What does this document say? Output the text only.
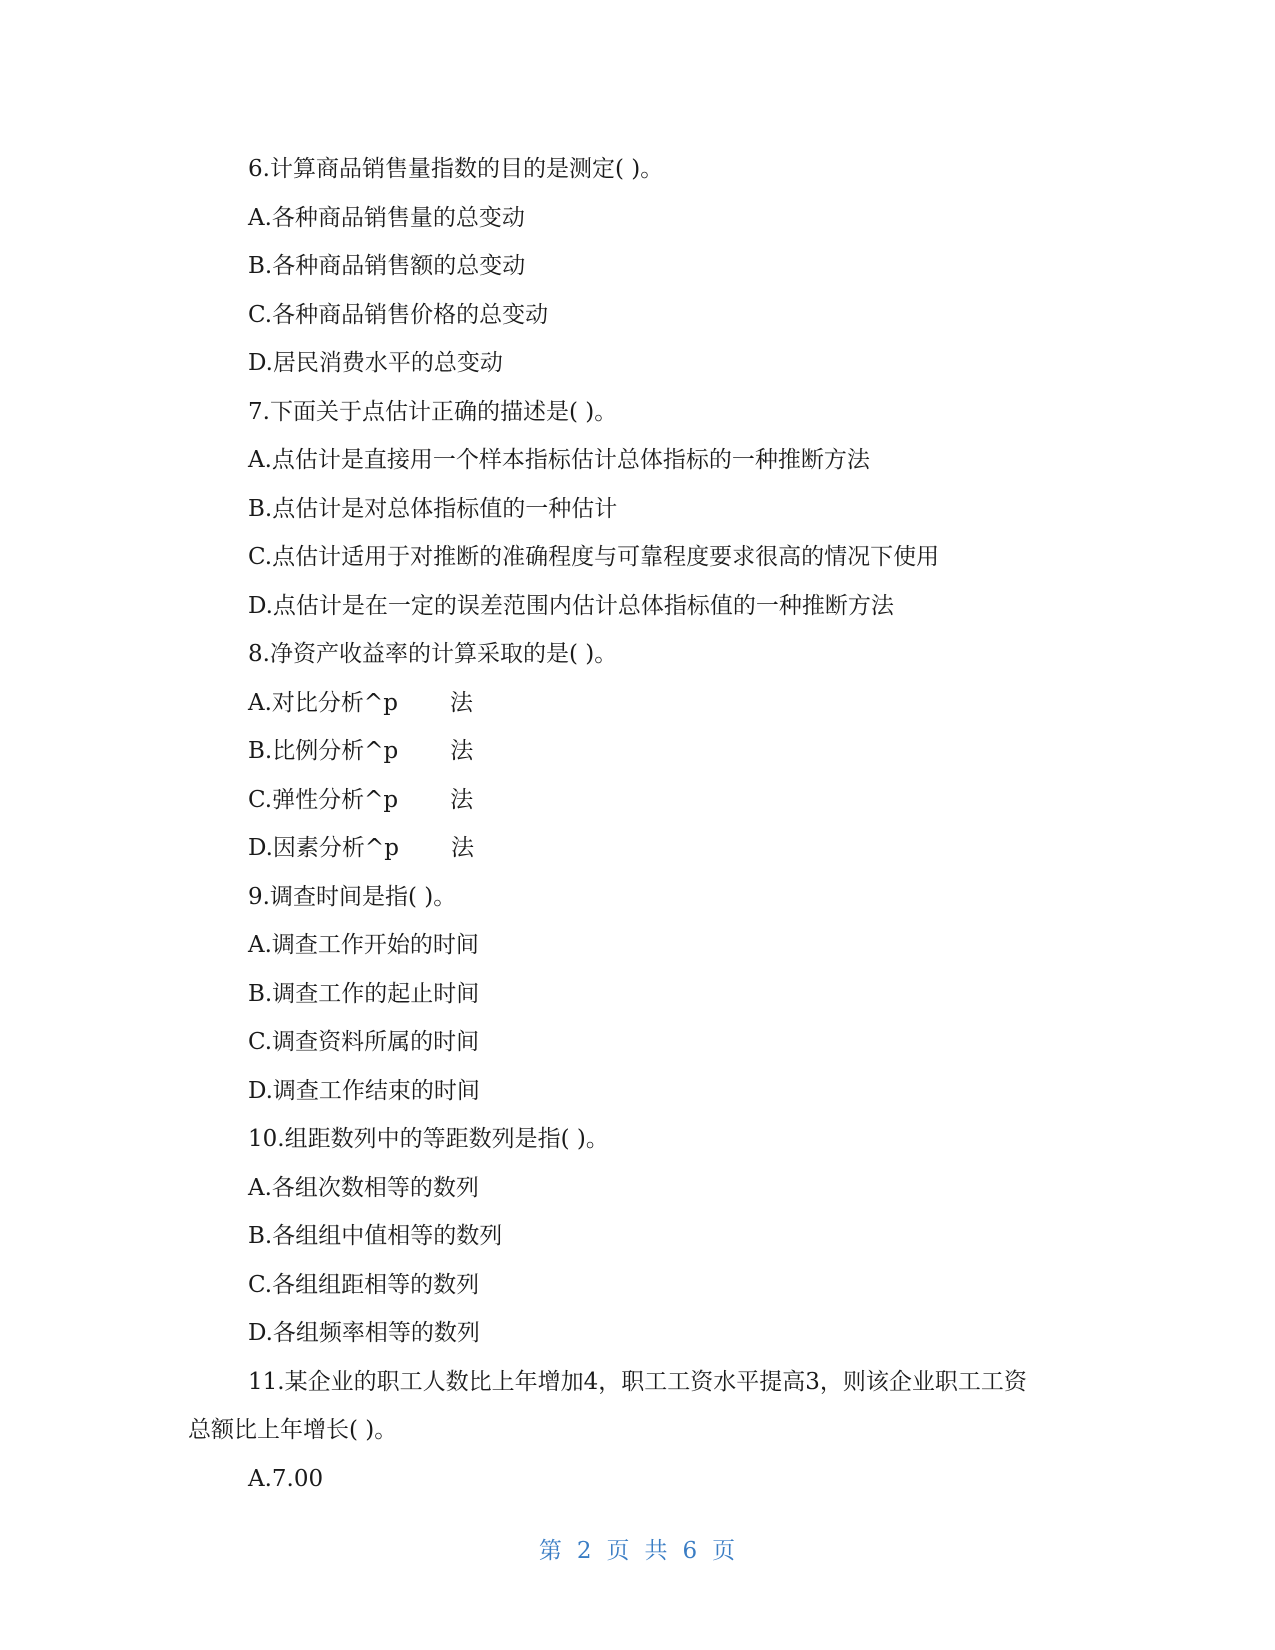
6.计算商品销售量指数的目的是测定( )。
A.各种商品销售量的总变动
B.各种商品销售额的总变动
C.各种商品销售价格的总变动
D.居民消费水平的总变动
7.下面关于点估计正确的描述是( )。
A.点估计是直接用一个样本指标估计总体指标的一种推断方法
B.点估计是对总体指标值的一种估计
C.点估计适用于对推断的准确程度与可靠程度要求很高的情况下使用
D.点估计是在一定的误差范围内估计总体指标值的一种推断方法
8.净资产收益率的计算采取的是( )。
A.对比分析^p 法
B.比例分析^p 法
C.弹性分析^p 法
D.因素分析^p 法
9.调查时间是指( )。
A.调查工作开始的时间
B.调查工作的起止时间
C.调查资料所属的时间
D.调查工作结束的时间
10.组距数列中的等距数列是指( )。
A.各组次数相等的数列
B.各组组中值相等的数列
C.各组组距相等的数列
D.各组频率相等的数列
11.某企业的职工人数比上年增加4，职工工资水平提高3，则该企业职工工资
总额比上年增长( )。
A.7.00
第 2 页 共 6 页
